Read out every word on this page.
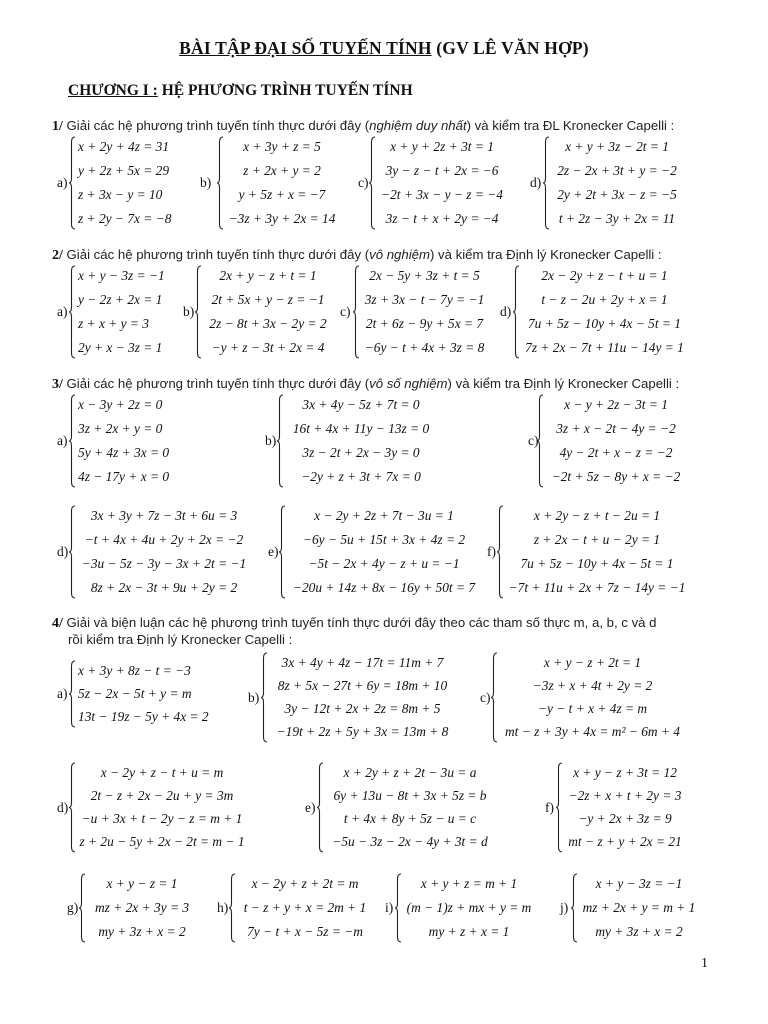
BÀI TẬP ĐẠI SỐ TUYẾN TÍNH (GV LÊ VĂN HỢP)
CHƯƠNG I : HỆ PHƯƠNG TRÌNH TUYẾN TÍNH
1/ Giải các hệ phương trình tuyến tính thực dưới đây (nghiệm duy nhất) và kiểm tra ĐL Kronecker Capelli :
2/ Giải các hệ phương trình tuyến tính thực dưới đây (vô nghiệm) và kiểm tra Định lý Kronecker Capelli :
3/ Giải các hệ phương trình tuyến tính thực dưới đây (vô số nghiệm) và kiểm tra Định lý Kronecker Capelli :
4/ Giải và biện luận các hệ phương trình tuyến tính thực dưới đây theo các tham số thực m, a, b, c và d
rồi kiểm tra Định lý Kronecker Capelli :
a)
x + 2y + 4z = 31
y + 2z + 5x = 29
z + 3x − y = 10
z + 2y − 7x = −8
b)
x + 3y + z = 5
z + 2x + y = 2
y + 5z + x = −7
−3z + 3y + 2x = 14
c)
x + y + 2z + 3t = 1
3y − z − t + 2x = −6
−2t + 3x − y − z = −4
3z − t + x + 2y = −4
d)
x + y + 3z − 2t = 1
2z − 2x + 3t + y = −2
2y + 2t + 3x − z = −5
t + 2z − 3y + 2x = 11
a)
x + y − 3z = −1
y − 2z + 2x = 1
z + x + y = 3
2y + x − 3z = 1
b)
2x + y − z + t = 1
2t + 5x + y − z = −1
2z − 8t + 3x − 2y = 2
−y + z − 3t + 2x = 4
c)
2x − 5y + 3z + t = 5
3z + 3x − t − 7y = −1
2t + 6z − 9y + 5x = 7
−6y − t + 4x + 3z = 8
d)
2x − 2y + z − t + u = 1
t − z − 2u + 2y + x = 1
7u + 5z − 10y + 4x − 5t = 1
7z + 2x − 7t + 11u − 14y = 1
a)
x − 3y + 2z = 0
3z + 2x + y = 0
5y + 4z + 3x = 0
4z − 17y + x = 0
b)
3x + 4y − 5z + 7t = 0
16t + 4x + 11y − 13z = 0
3z − 2t + 2x − 3y = 0
−2y + z + 3t + 7x = 0
c)
x − y + 2z − 3t = 1
3z + x − 2t − 4y = −2
4y − 2t + x − z = −2
−2t + 5z − 8y + x = −2
d)
3x + 3y + 7z − 3t + 6u = 3
−t + 4x + 4u + 2y + 2x = −2
−3u − 5z − 3y − 3x + 2t = −1
8z + 2x − 3t + 9u + 2y = 2
e)
x − 2y + 2z + 7t − 3u = 1
−6y − 5u + 15t + 3x + 4z = 2
−5t − 2x + 4y − z + u = −1
−20u + 14z + 8x − 16y + 50t = 7
f)
x + 2y − z + t − 2u = 1
z + 2x − t + u − 2y = 1
7u + 5z − 10y + 4x − 5t = 1
−7t + 11u + 2x + 7z − 14y = −1
a)
x + 3y + 8z − t = −3
5z − 2x − 5t + y = m
13t − 19z − 5y + 4x = 2
b)
3x + 4y + 4z − 17t = 11m + 7
8z + 5x − 27t + 6y = 18m + 10
3y − 12t + 2x + 2z = 8m + 5
−19t + 2z + 5y + 3x = 13m + 8
c)
x + y − z + 2t = 1
−3z + x + 4t + 2y = 2
−y − t + x + 4z = m
mt − z + 3y + 4x = m² − 6m + 4
d)
x − 2y + z − t + u = m
2t − z + 2x − 2u + y = 3m
−u + 3x + t − 2y − z = m + 1
z + 2u − 5y + 2x − 2t = m − 1
e)
x + 2y + z + 2t − 3u = a
6y + 13u − 8t + 3x + 5z = b
t + 4x + 8y + 5z − u = c
−5u − 3z − 2x − 4y + 3t = d
f)
x + y − z + 3t = 12
−2z + x + t + 2y = 3
−y + 2x + 3z = 9
mt − z + y + 2x = 21
g)
x + y − z = 1
mz + 2x + 3y = 3
my + 3z + x = 2
h)
x − 2y + z + 2t = m
t − z + y + x = 2m + 1
7y − t + x − 5z = −m
i)
x + y + z = m + 1
(m − 1)z + mx + y = m
my + z + x = 1
j)
x + y − 3z = −1
mz + 2x + y = m + 1
my + 3z + x = 2
1
